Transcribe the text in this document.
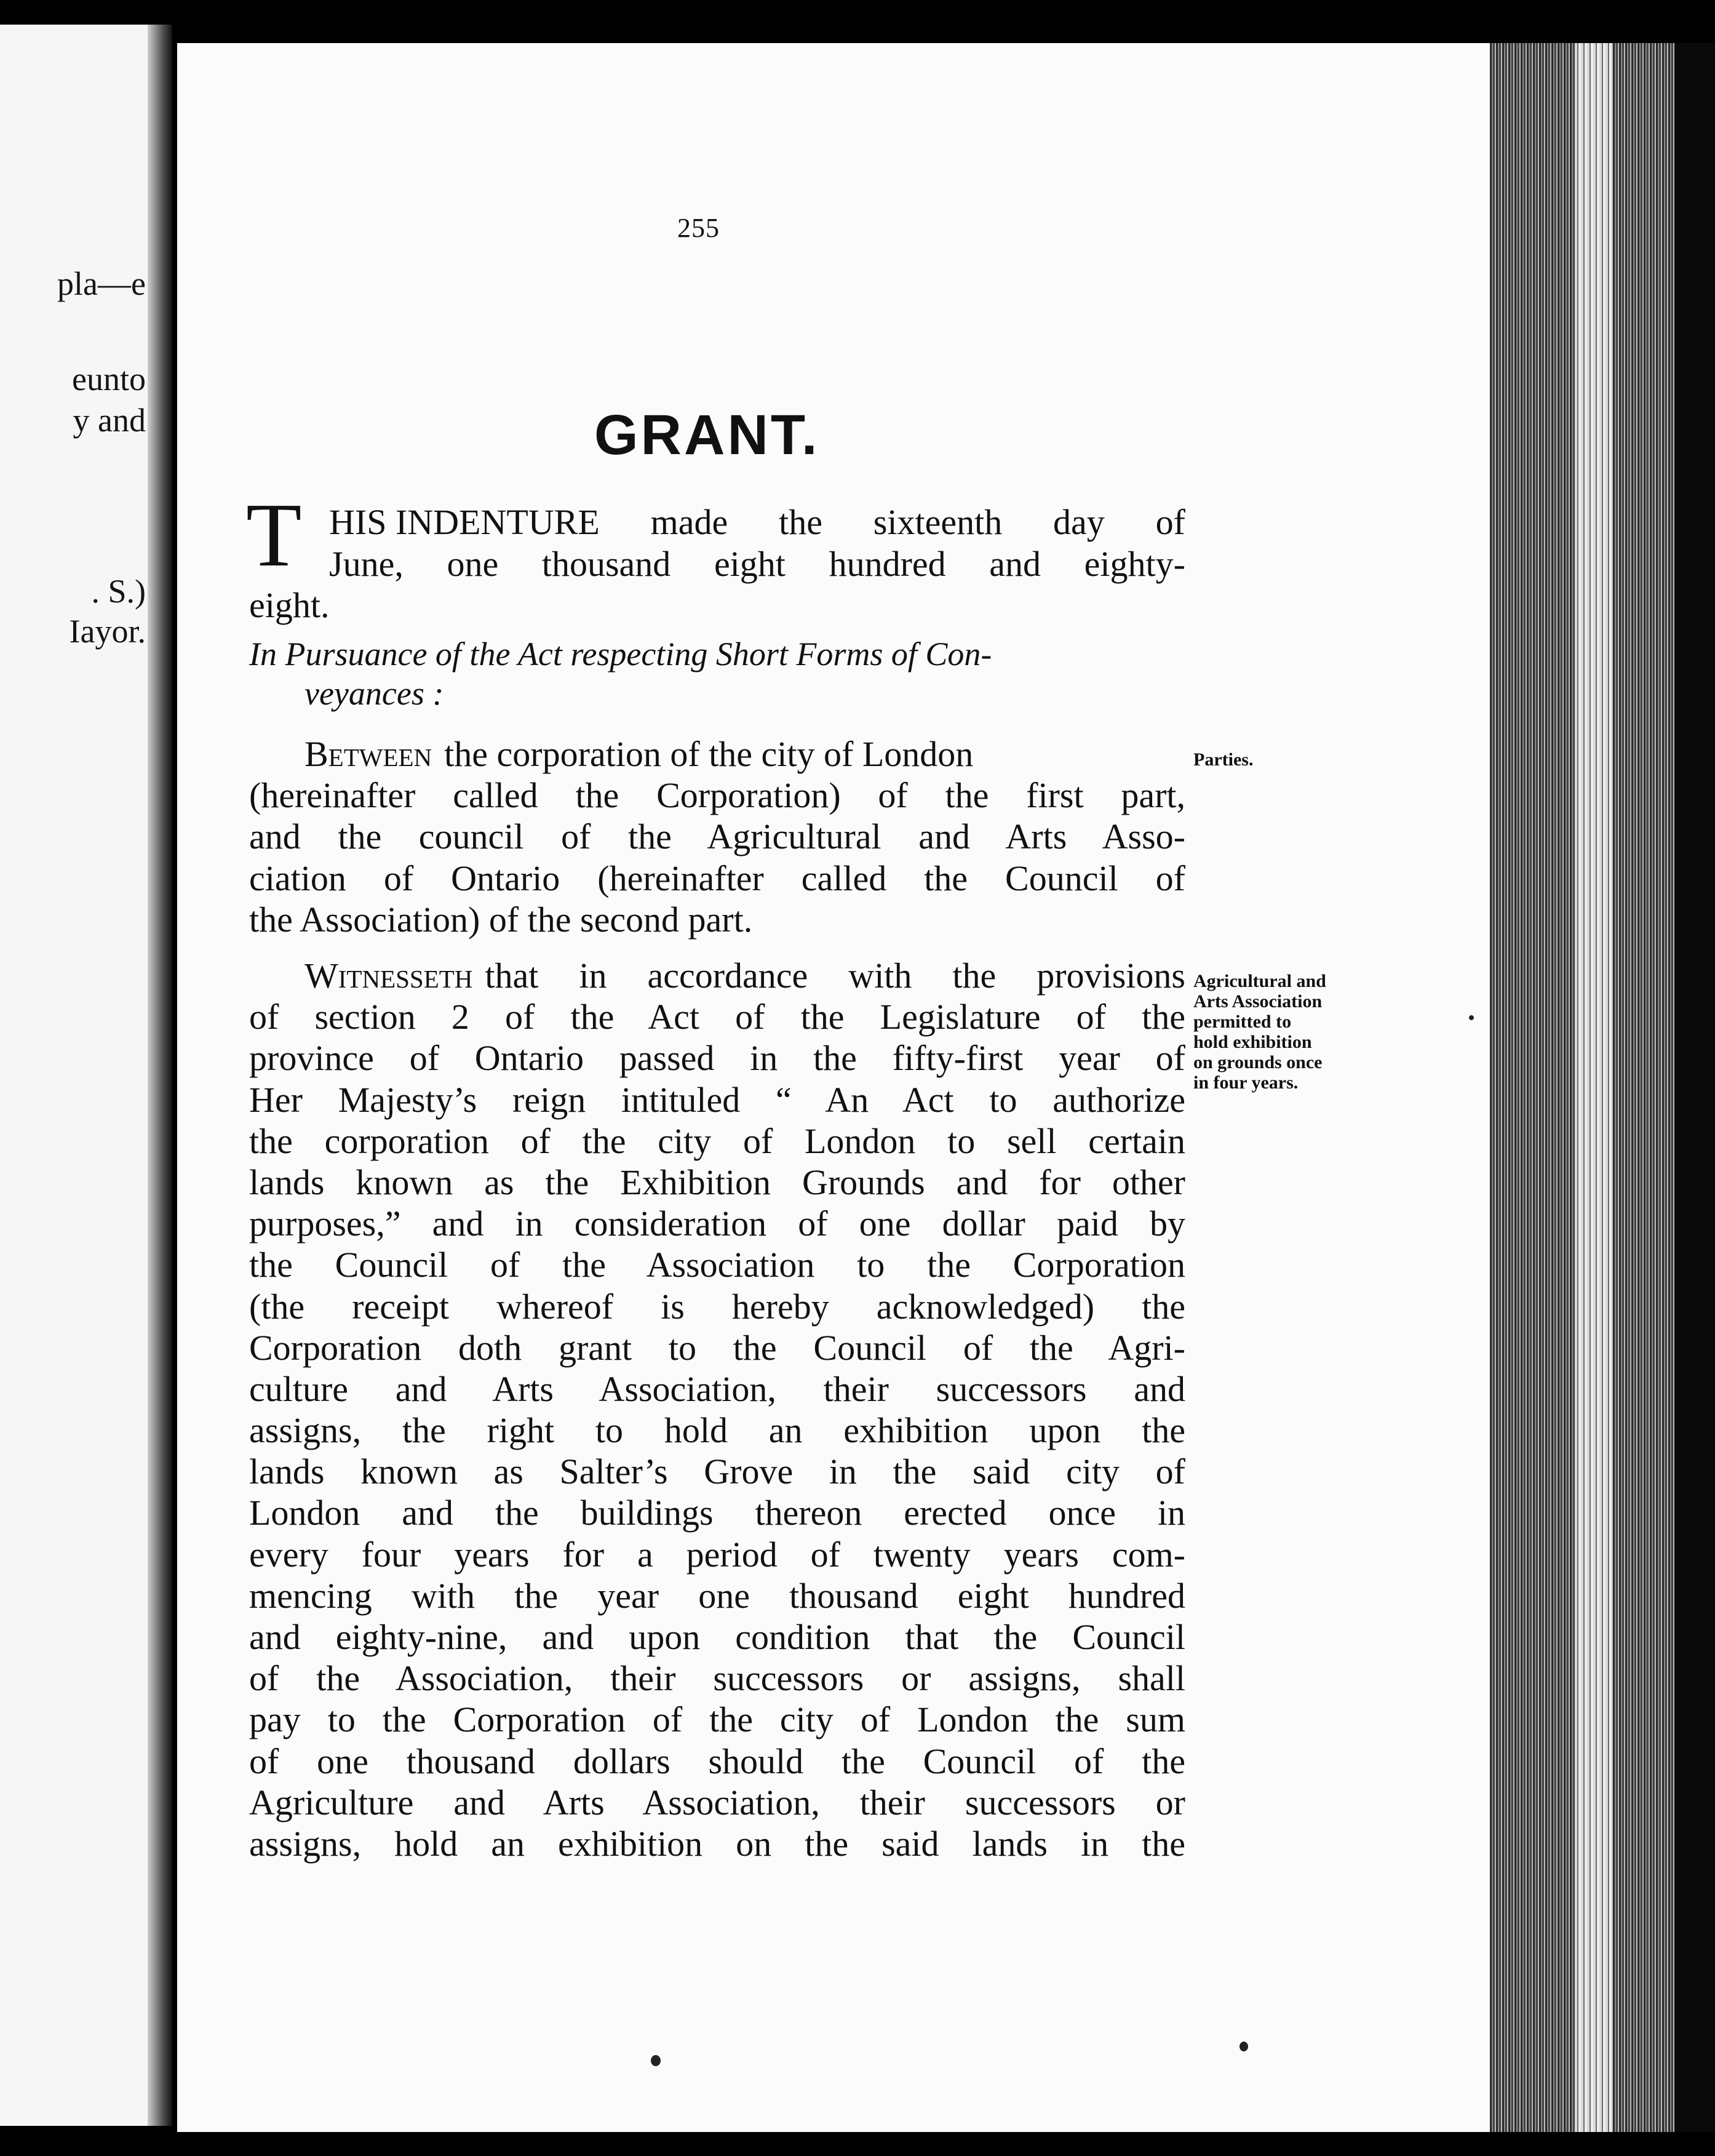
pla—e
eunto
y and
. S.)
Iayor.
255
GRANT.
T HIS INDENTURE made the sixteenth day of
June, one thousand eight hundred and eighty-
eight.
In Pursuance of the Act respecting Short Forms of Con-
veyances :
Between the corporation of the city of London
(hereinafter called the Corporation) of the first part,
and the council of the Agricultural and Arts Asso-
ciation of Ontario (hereinafter called the Council of
the Association) of the second part.
Parties.
Witnesseth that in accordance with the provisions
of section 2 of the Act of the Legislature of the
province of Ontario passed in the fifty-first year of
Her Majesty’s reign intituled “ An Act to authorize
the corporation of the city of London to sell certain
lands known as the Exhibition Grounds and for other
purposes,” and in consideration of one dollar paid by
the Council of the Association to the Corporation
(the receipt whereof is hereby acknowledged) the
Corporation doth grant to the Council of the Agri-
culture and Arts Association, their successors and
assigns, the right to hold an exhibition upon the
lands known as Salter’s Grove in the said city of
London and the buildings thereon erected once in
every four years for a period of twenty years com-
mencing with the year one thousand eight hundred
and eighty-nine, and upon condition that the Council
of the Association, their successors or assigns, shall
pay to the Corporation of the city of London the sum
of one thousand dollars should the Council of the
Agriculture and Arts Association, their successors or
assigns, hold an exhibition on the said lands in the
Agricultural and
Arts Association
permitted to
hold exhibition
on grounds once
in four years.
